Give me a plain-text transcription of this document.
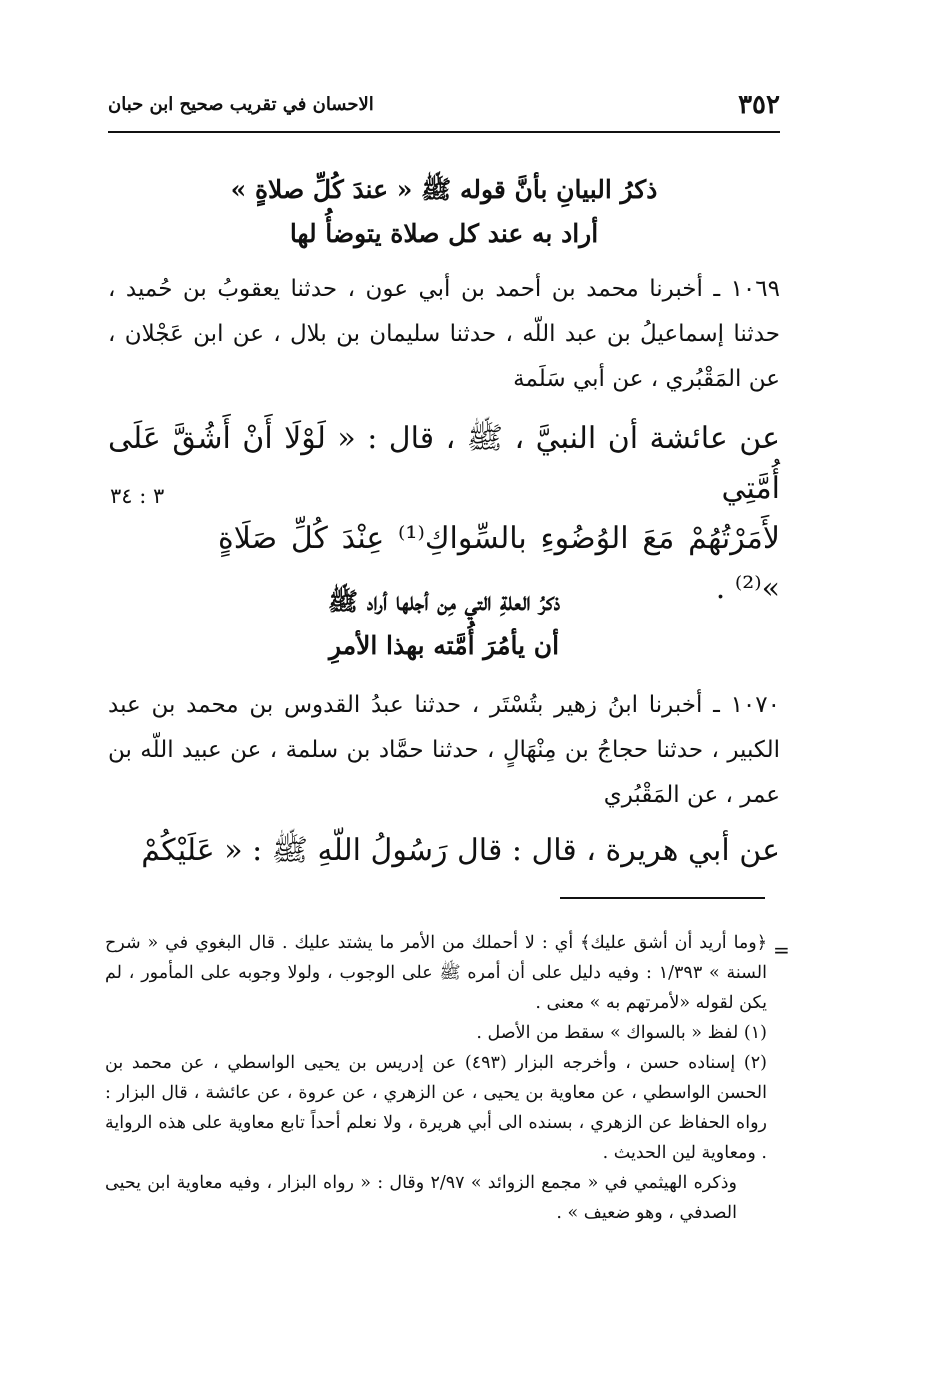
٣٥٢
الاحسان في تقريب صحيح ابن حبان
ذكرُ البيانِ بأنَّ قوله ﷺ « عندَ كُلِّ صلاةٍ »
أراد به عند كل صلاة يتوضأُ لها
١٠٦٩ ـ أخبرنا محمد بن أحمد بن أبي عون ، حدثنا يعقوبُ بن حُميد ، حدثنا إسماعيلُ بن عبد اللّه ، حدثنا سليمان بن بلال ، عن ابن عَجْلان ، عن المَقْبُري ، عن أبي سَلَمة
عن عائشة أن النبيَّ ، ﷺ ، قال : « لَوْلَا أَنْ أَشُقَّ عَلَى أُمَّتِي
لأَمَرْتُهُمْ مَعَ الوُضُوءِ بالسِّواكِ⁽¹⁾ عِنْدَ كُلِّ صَلَاةٍ »⁽²⁾ .
٣ : ٣٤
ذكرُ العلةِ التي مِن أجلها أراد ﷺ
أن يأمُرَ أُمَّته بهذا الأمرِ
١٠٧٠ ـ أخبرنا ابنُ زهير بتُسْتَر ، حدثنا عبدُ القدوس بن محمد بن عبد الكبير ، حدثنا حجاجُ بن مِنْهَالٍ ، حدثنا حمَّاد بن سلمة ، عن عبيد اللّه بن عمر ، عن المَقْبُري
عن أبي هريرة ، قال : قال رَسُولُ اللّهِ ﷺ : « عَلَيْكُمْ
=
﴿وما أريد أن أشق عليك﴾ أي : لا أحملك من الأمر ما يشتد عليك . قال البغوي في « شرح السنة » ١/٣٩٣ : وفيه دليل على أن أمره ﷺ على الوجوب ، ولولا وجوبه على المأمور ، لم يكن لقوله «لأمرتهم به » معنى .
(١) لفظ « بالسواك » سقط من الأصل .
(٢) إسناده حسن ، وأخرجه البزار (٤٩٣) عن إدريس بن يحيى الواسطي ، عن محمد بن الحسن الواسطي ، عن معاوية بن يحيى ، عن الزهري ، عن عروة ، عن عائشة ، قال البزار : رواه الحفاظ عن الزهري ، بسنده الى أبي هريرة ، ولا نعلم أحداً تابع معاوية على هذه الرواية . ومعاوية لين الحديث .
وذكره الهيثمي في « مجمع الزوائد » ٢/٩٧ وقال : « رواه البزار ، وفيه معاوية ابن يحيى الصدفي ، وهو ضعيف » .
